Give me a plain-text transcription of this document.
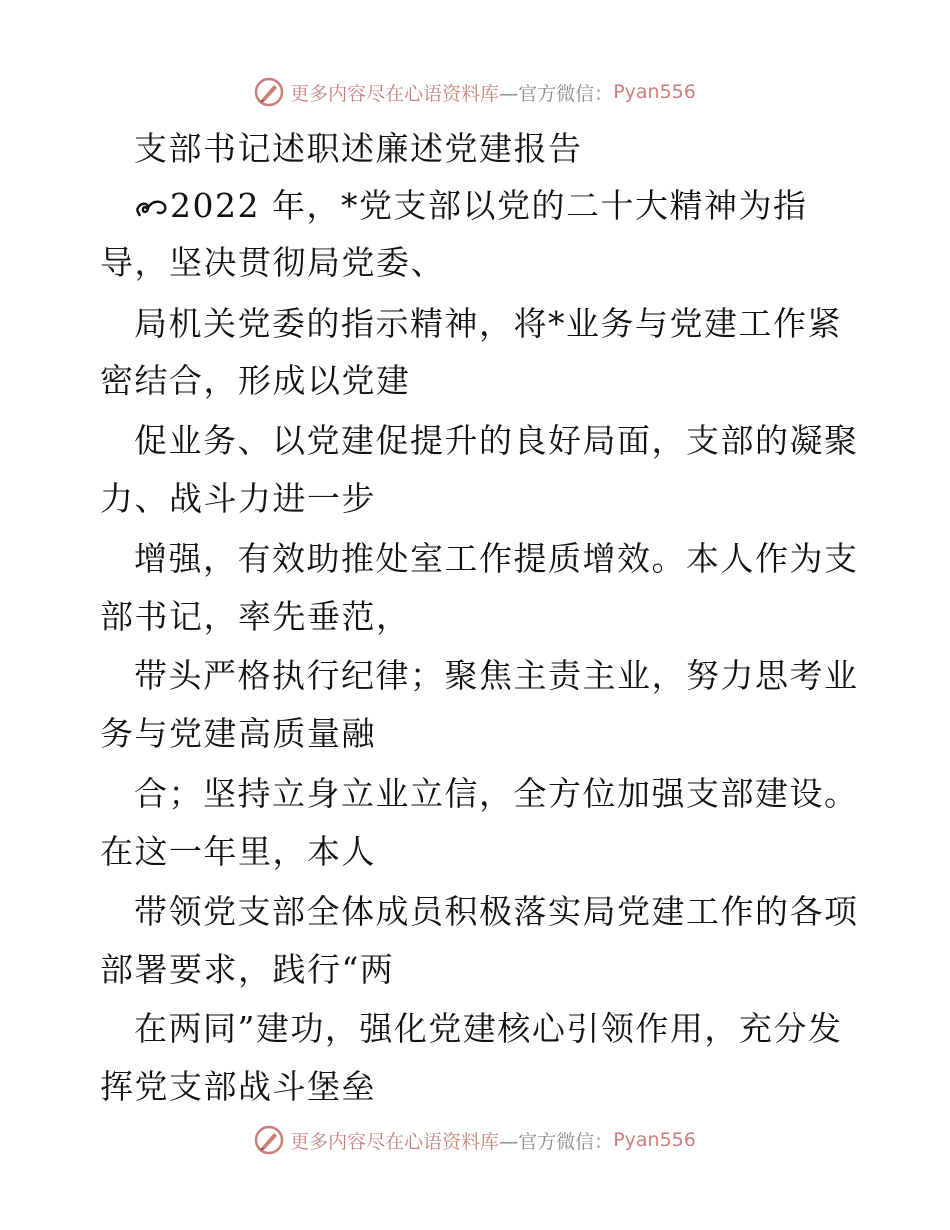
更多内容尽在心语资料库 —官方微信： Pyan556
支部书记述职述廉述党建报告
2022 年，*党支部以党的二十大精神为指
导，坚决贯彻局党委、
局机关党委的指示精神，将*业务与党建工作紧
密结合，形成以党建
促业务、以党建促提升的良好局面，支部的凝聚
力、战斗力进一步
增强，有效助推处室工作提质增效。本人作为支
部书记，率先垂范，
带头严格执行纪律；聚焦主责主业，努力思考业
务与党建高质量融
合；坚持立身立业立信，全方位加强支部建设。
在这一年里，本人
带领党支部全体成员积极落实局党建工作的各项
部署要求，践行“两
在两同”建功，强化党建核心引领作用，充分发
挥党支部战斗堡垒
更多内容尽在心语资料库 —官方微信： Pyan556
